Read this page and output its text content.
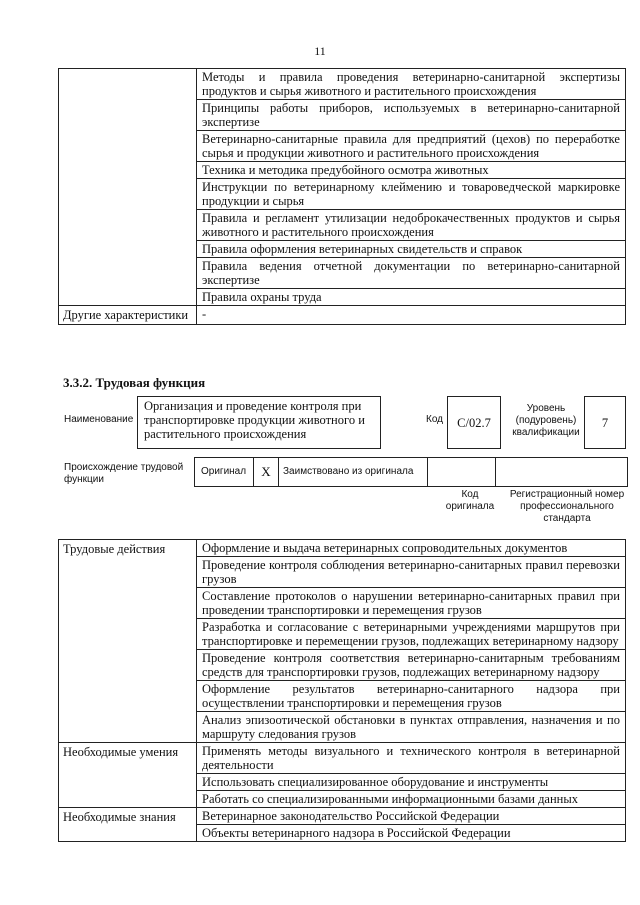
11
	Методы и правила проведения ветеринарно-санитарной экспертизы продуктов и сырья животного и растительного происхождения
	Принципы работы приборов, используемых в ветеринарно-санитарной экспертизе
	Ветеринарно-санитарные правила для предприятий (цехов) по переработке сырья и продукции животного и растительного происхождения
	Техника и методика предубойного осмотра животных
	Инструкции по ветеринарному клеймению и товароведческой маркировке продукции и сырья
	Правила и регламент утилизации недоброкачественных продуктов и сырья животного и растительного происхождения
	Правила оформления ветеринарных свидетельств и справок
	Правила ведения отчетной документации по ветеринарно-санитарной экспертизе
	Правила охраны труда
Другие характеристики	-
3.3.2. Трудовая функция
Наименование
Организация и проведение контроля при транспортировке продукции животного и растительного происхождения
Код	С/02.7
Уровень (подуровень) квалификации
7
Происхождение трудовой функции
Оригинал	X	Заимствовано из оригинала
Код оригинала
Регистрационный номер профессионального стандарта
Трудовые действия	Оформление и выдача ветеринарных сопроводительных документов
	Проведение контроля соблюдения ветеринарно-санитарных правил перевозки грузов
	Составление протоколов о нарушении ветеринарно-санитарных правил при проведении транспортировки и перемещения грузов
	Разработка и согласование с ветеринарными учреждениями маршрутов при транспортировке и перемещении грузов, подлежащих ветеринарному надзору
	Проведение контроля соответствия ветеринарно-санитарным требованиям средств для транспортировки грузов, подлежащих ветеринарному надзору
	Оформление результатов ветеринарно-санитарного надзора при осуществлении транспортировки и перемещения грузов
	Анализ эпизоотической обстановки в пунктах отправления, назначения и по маршруту следования грузов
Необходимые умения	Применять методы визуального и технического контроля в ветеринарной деятельности
	Использовать специализированное оборудование и инструменты
	Работать со специализированными информационными базами данных
Необходимые знания	Ветеринарное законодательство Российской Федерации
	Объекты ветеринарного надзора в Российской Федерации
